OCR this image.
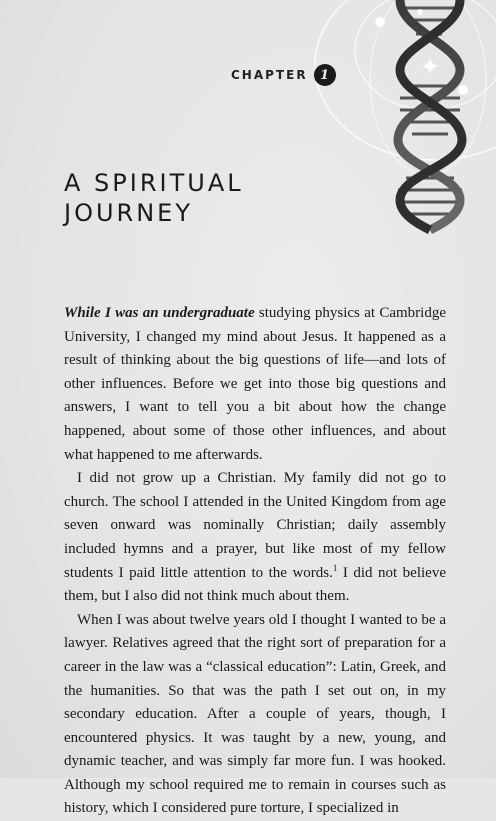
CHAPTER 1
A SPIRITUAL
JOURNEY

While I was an undergraduate studying physics at Cambridge University, I changed my mind about Jesus. It happened as a result of thinking about the big questions of life—and lots of other influences. Before we get into those big questions and answers, I want to tell you a bit about how the change happened, about some of those other influences, and about what happened to me afterwards.

I did not grow up a Christian. My family did not go to church. The school I attended in the United Kingdom from age seven onward was nominally Christian; daily assembly included hymns and a prayer, but like most of my fellow students I paid little attention to the words.$^1$ I did not believe them, but I also did not think much about them.

When I was about twelve years old I thought I wanted to be a lawyer. Relatives agreed that the right sort of preparation for a career in the law was a “classical education”: Latin, Greek, and the humanities. So that was the path I set out on, in my secondary education. After a couple of years, though, I encountered physics. It was taught by a new, young, and dynamic teacher, and was simply far more fun. I was hooked. Although my school required me to remain in courses such as history, which I considered pure torture, I specialized in
